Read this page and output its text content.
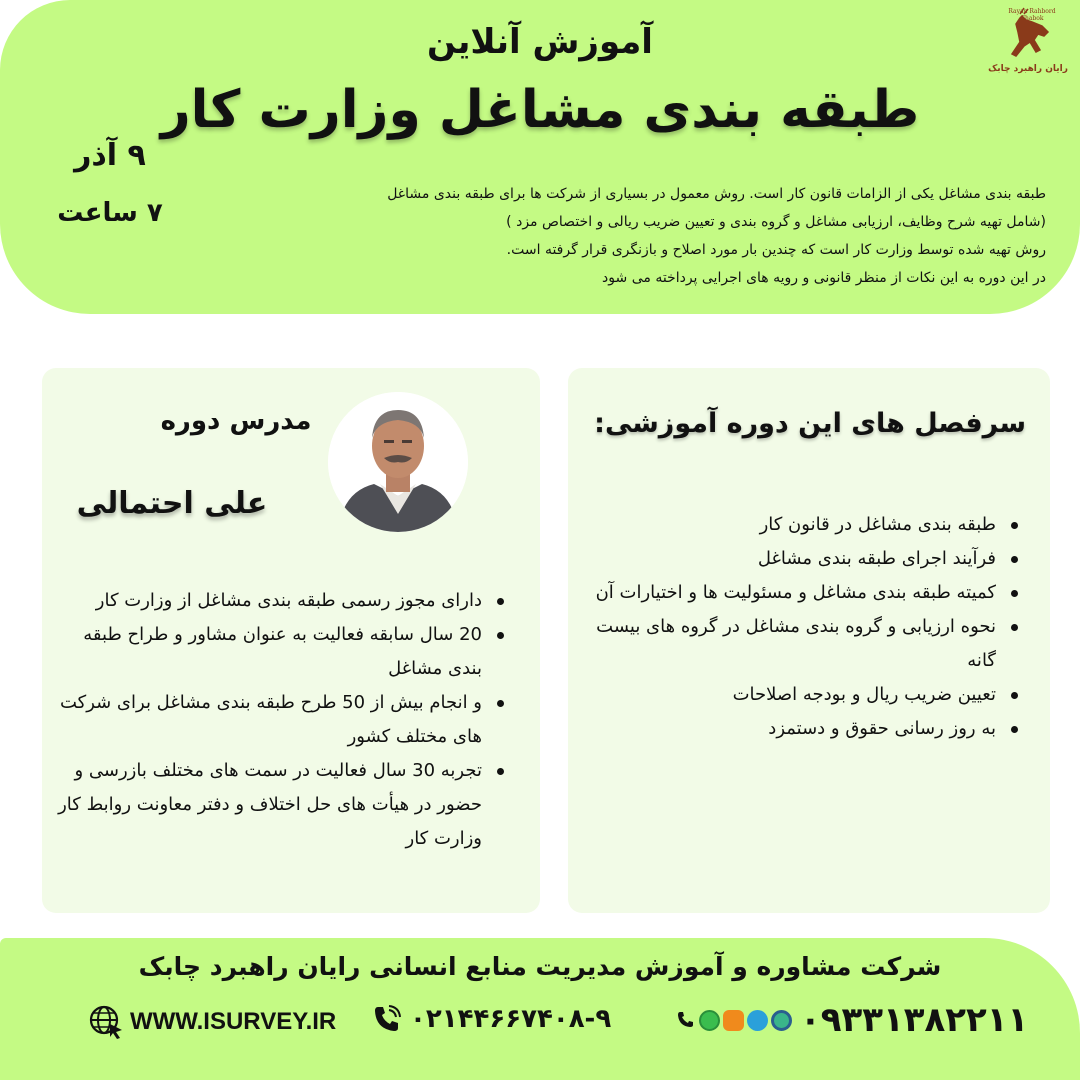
Rayan Rahbord Chabok
رایان راهبرد چابک
آموزش آنلاین
طبقه بندی مشاغل وزارت کار
۹ آذر
۷ ساعت

طبقه بندی مشاغل یکی از الزامات قانون کار است. روش معمول در بسیاری از شرکت ها برای طبقه بندی مشاغل

(شامل تهیه شرح وظایف، ارزیابی مشاغل و گروه بندی و تعیین ضریب ریالی و اختصاص مزد )

روش تهیه شده توسط وزارت کار است که چندین بار مورد اصلاح و بازنگری قرار گرفته است.

در این دوره به این نکات از منظر قانونی و رویه های اجرایی پرداخته می شود

سرفصل های این دوره آموزشی:
طبقه بندی مشاغل در قانون کار
فرآیند اجرای طبقه بندی مشاغل
کمیته طبقه بندی مشاغل و مسئولیت ها و اختیارات آن
نحوه ارزیابی و گروه بندی مشاغل در گروه های بیست گانه
تعیین ضریب ریال و بودجه اصلاحات
به روز رسانی حقوق و دستمزد
مدرس دوره
علی احتمالی
دارای مجوز رسمی طبقه بندی مشاغل از وزارت کار
20 سال سابقه فعالیت به عنوان مشاور و طراح طبقه بندی مشاغل
و انجام بیش از 50 طرح طبقه بندی مشاغل برای شرکت های مختلف کشور
تجربه 30 سال فعالیت در سمت های مختلف بازرسی و حضور در هیأت های حل اختلاف و دفتر معاونت روابط کار وزارت کار
شرکت مشاوره و آموزش مدیریت منابع انسانی رایان راهبرد چابک
WWW.ISURVEY.IR	۰۲۱۴۴۶۶۷۴۰۸-۹	۰۹۳۳۱۳۸۲۲۱۱
